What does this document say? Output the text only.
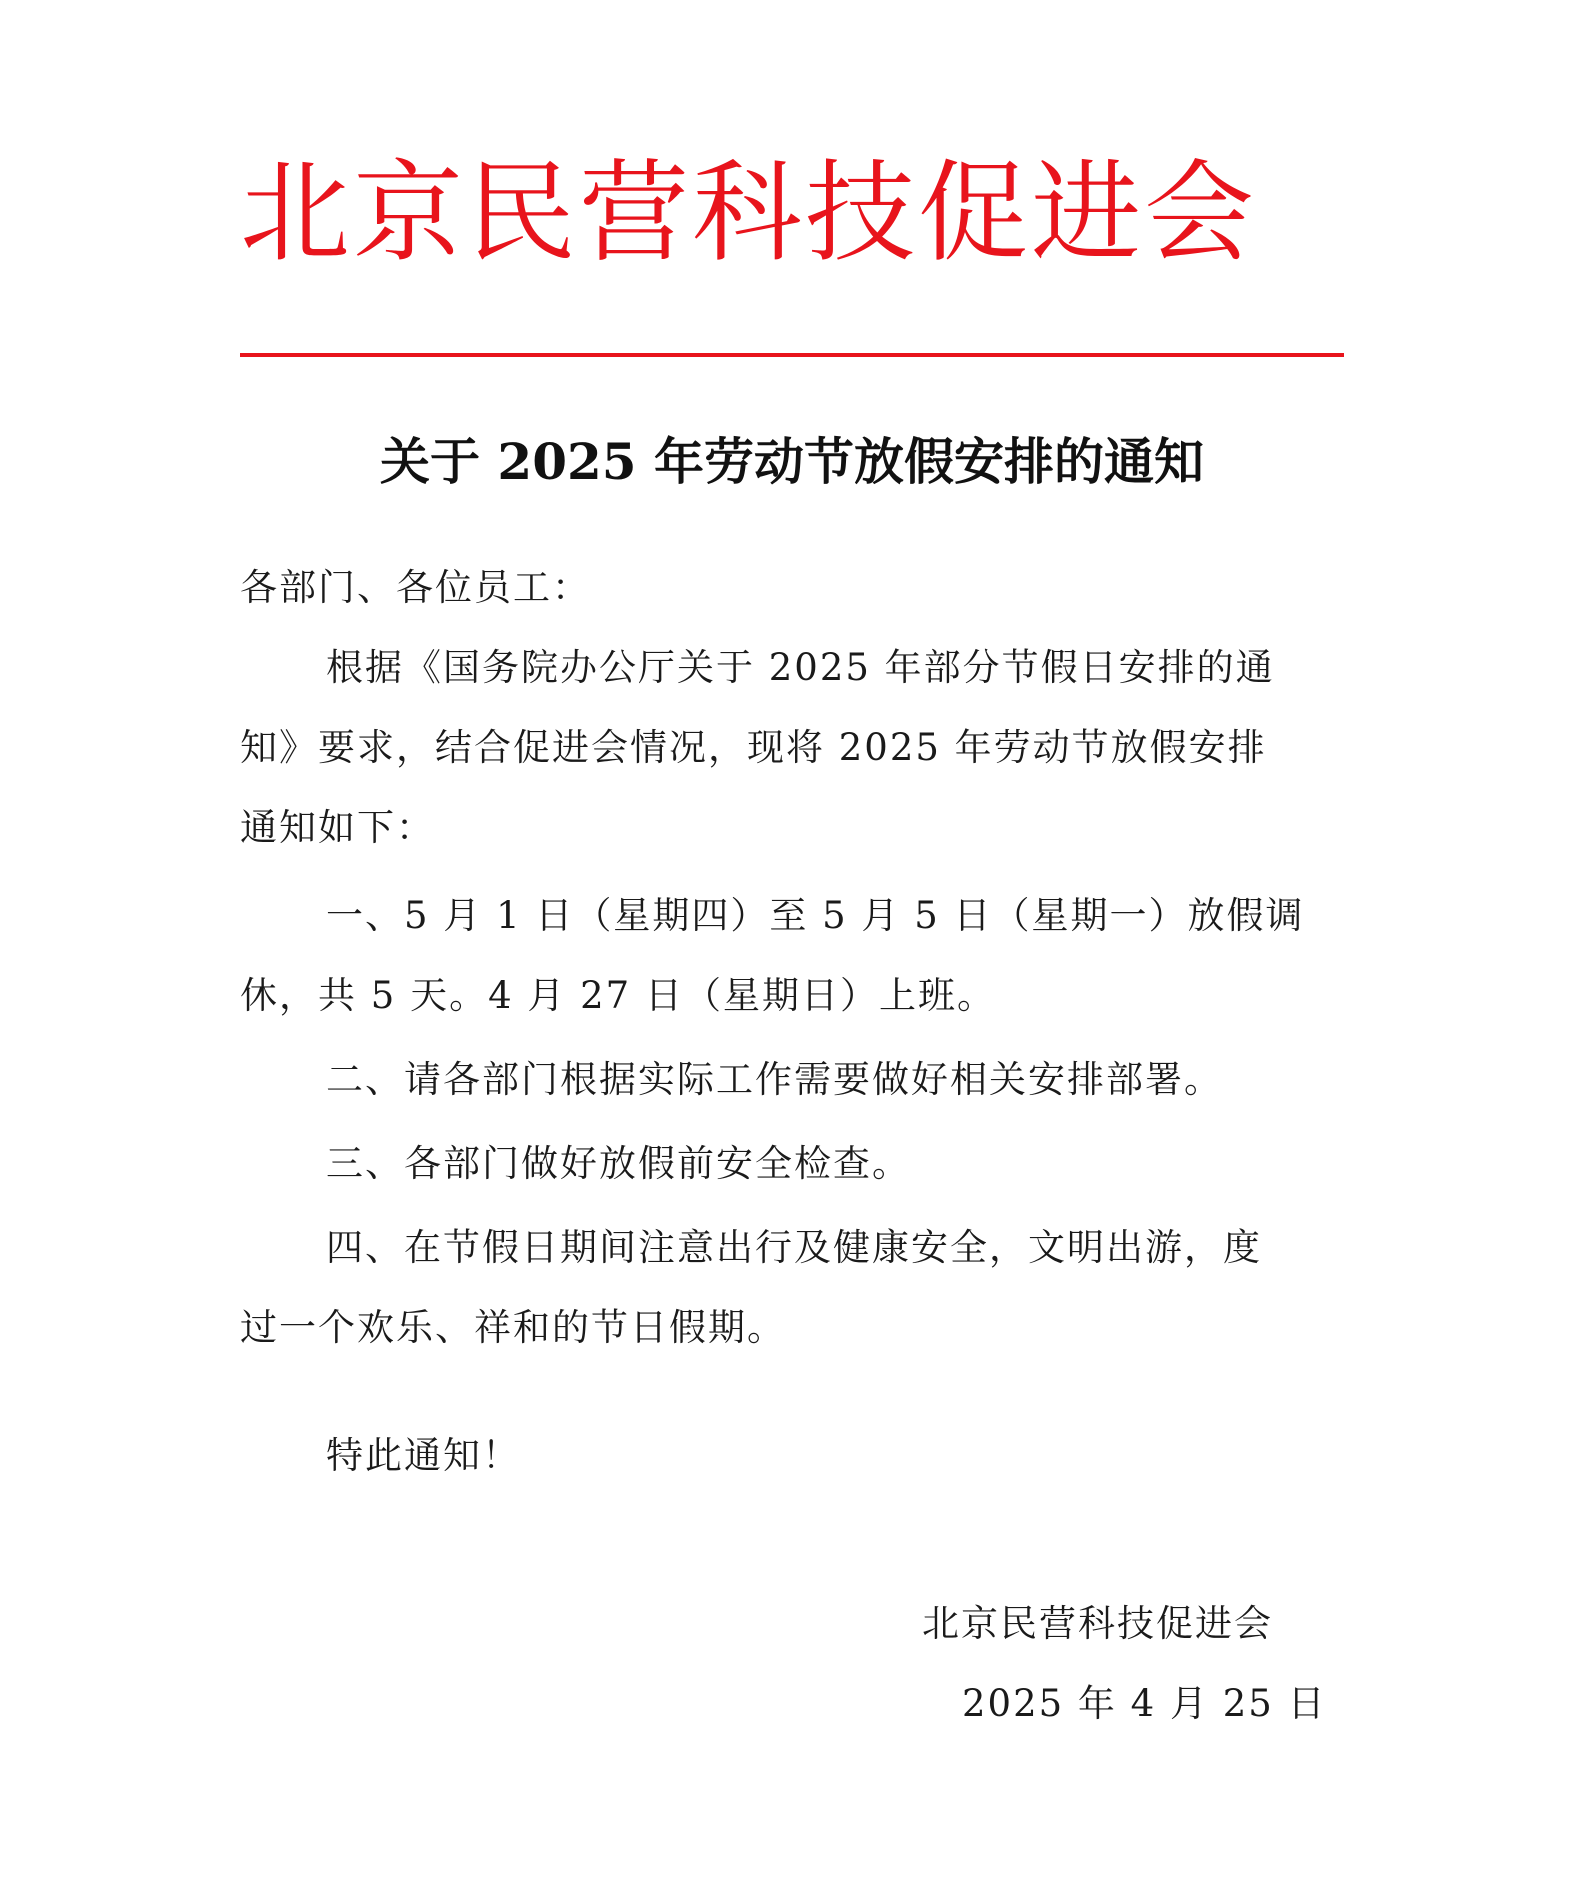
北京民营科技促进会
关于 2025 年劳动节放假安排的通知
各部门、各位员工：
根据《国务院办公厅关于 2025 年部分节假日安排的通
知》要求，结合促进会情况，现将 2025 年劳动节放假安排
通知如下：
一、5 月 1 日（星期四）至 5 月 5 日（星期一）放假调
休，共 5 天。4 月 27 日（星期日）上班。
二、请各部门根据实际工作需要做好相关安排部署。
三、各部门做好放假前安全检查。
四、在节假日期间注意出行及健康安全，文明出游，度
过一个欢乐、祥和的节日假期。
特此通知！
北京民营科技促进会
2025 年 4 月 25 日
